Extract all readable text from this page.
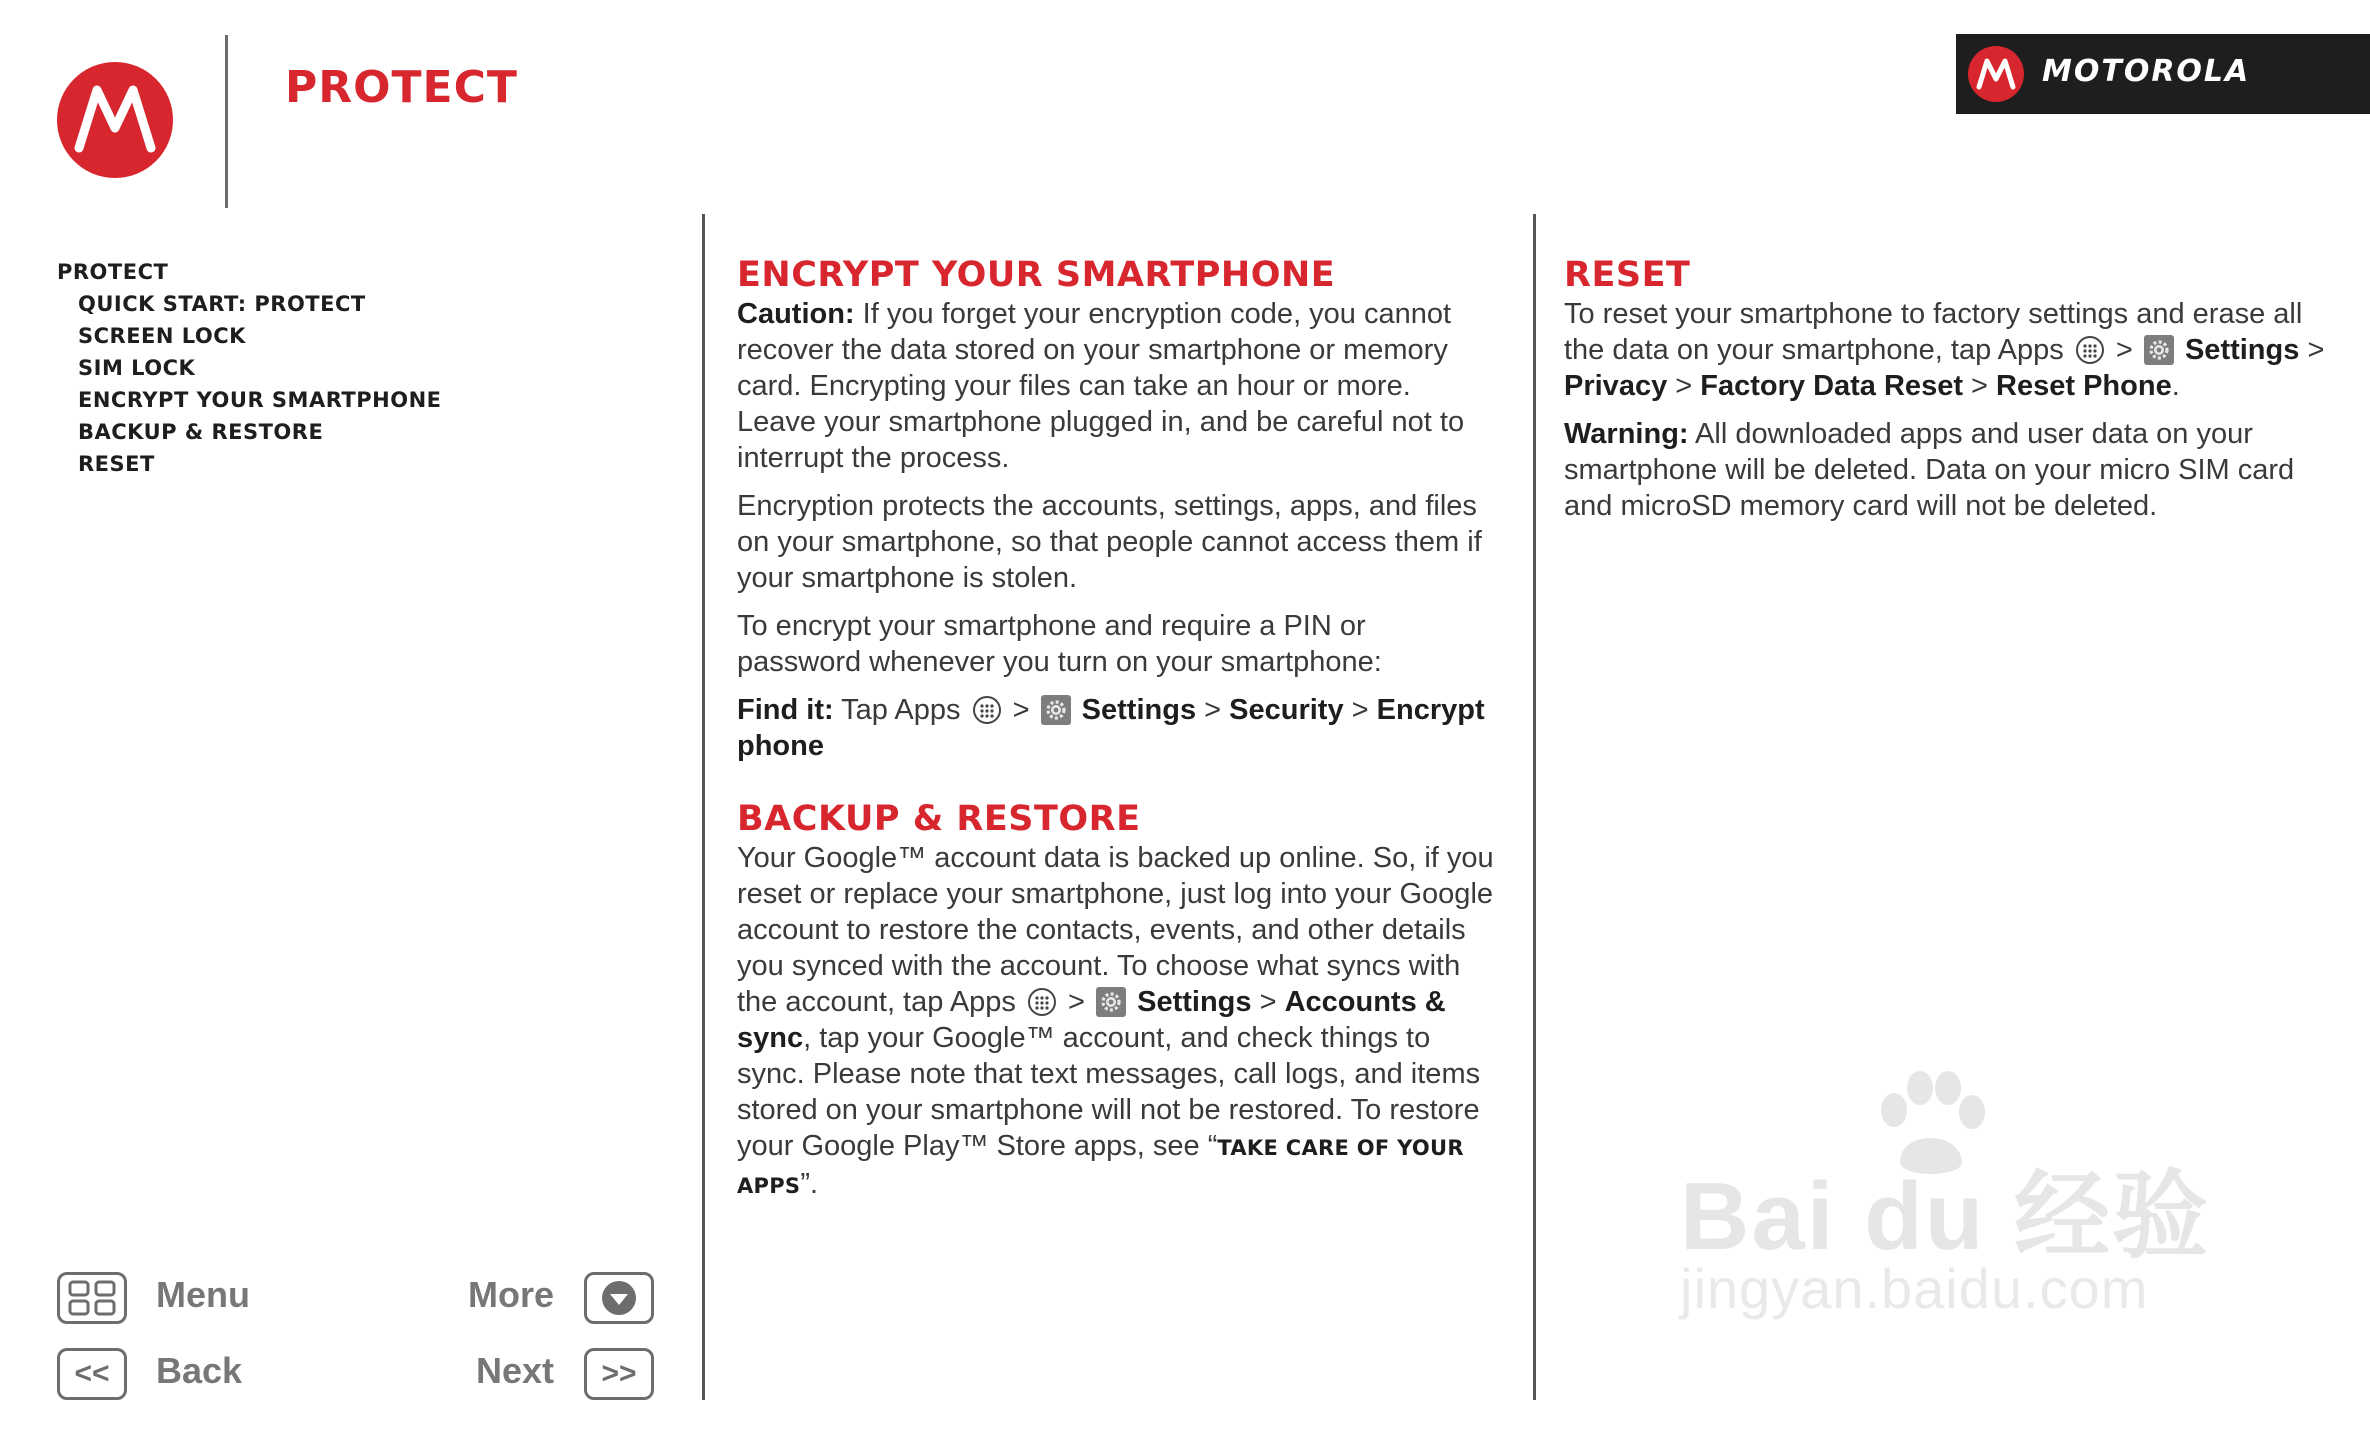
PROTECT	MOTOROLA
PROTECT
QUICK START: PROTECT
SCREEN LOCK
SIM LOCK
ENCRYPT YOUR SMARTPHONE
BACKUP & RESTORE
RESET
ENCRYPT YOUR SMARTPHONE

Caution: If you forget your encryption code, you cannot recover the data stored on your smartphone or memory card. Encrypting your files can take an hour or more. Leave your smartphone plugged in, and be careful not to interrupt the process.

Encryption protects the accounts, settings, apps, and files on your smartphone, so that people cannot access them if your smartphone is stolen.

To encrypt your smartphone and require a PIN or password whenever you turn on your smartphone:

Find it: Tap Apps  > Settings > Security > Encrypt phone

BACKUP & RESTORE

Your Google™ account data is backed up online. So, if you reset or replace your smartphone, just log into your Google account to restore the contacts, events, and other details you synced with the account. To choose what syncs with the account, tap Apps  > Settings > Accounts & sync, tap your Google™ account, and check things to sync. Please note that text messages, call logs, and items stored on your smartphone will not be restored. To restore your Google Play™ Store apps, see “TAKE CARE OF YOUR APPS”.

RESET

To reset your smartphone to factory settings and erase all the data on your smartphone, tap Apps  > Settings > Privacy > Factory Data Reset > Reset Phone.

Warning: All downloaded apps and user data on your smartphone will be deleted. Data on your micro SIM card and microSD memory card will not be deleted.

Menu	More
<< Back	Next >>
Bai du 经验
jingyan.baidu.com
